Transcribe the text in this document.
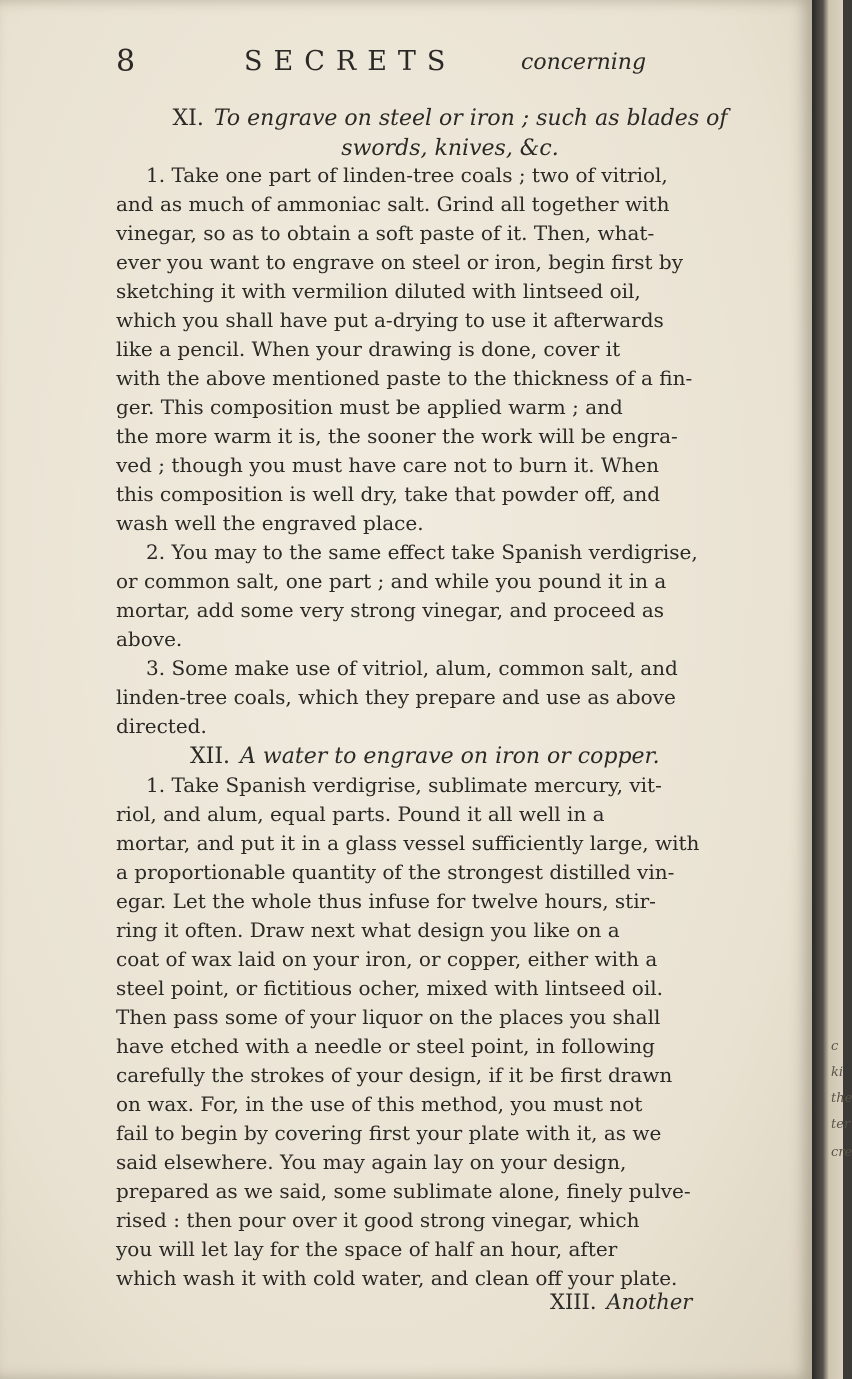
8	SECRETS	concerning
XI. To engrave on steel or iron ; such as blades of
swords, knives, &c.
1. Take one part of linden-tree coals ; two of vitriol,
and as much of ammoniac salt. Grind all together with
vinegar, so as to obtain a soft paste of it. Then, what-
ever you want to engrave on steel or iron, begin first by
sketching it with vermilion diluted with lintseed oil,
which you shall have put a-drying to use it afterwards
like a pencil. When your drawing is done, cover it
with the above mentioned paste to the thickness of a fin-
ger. This composition must be applied warm ; and
the more warm it is, the sooner the work will be engra-
ved ; though you must have care not to burn it. When
this composition is well dry, take that powder off, and
wash well the engraved place.
2. You may to the same effect take Spanish verdigrise,
or common salt, one part ; and while you pound it in a
mortar, add some very strong vinegar, and proceed as
above.
3. Some make use of vitriol, alum, common salt, and
linden-tree coals, which they prepare and use as above
directed.
XII. A water to engrave on iron or copper.
1. Take Spanish verdigrise, sublimate mercury, vit-
riol, and alum, equal parts. Pound it all well in a
mortar, and put it in a glass vessel sufficiently large, with
a proportionable quantity of the strongest distilled vin-
egar. Let the whole thus infuse for twelve hours, stir-
ring it often. Draw next what design you like on a
coat of wax laid on your iron, or copper, either with a
steel point, or fictitious ocher, mixed with lintseed oil.
Then pass some of your liquor on the places you shall
have etched with a needle or steel point, in following
carefully the strokes of your design, if it be first drawn
on wax. For, in the use of this method, you must not
fail to begin by covering first your plate with it, as we
said elsewhere. You may again lay on your design,
prepared as we said, some sublimate alone, finely pulve-
rised : then pour over it good strong vinegar, which
you will let lay for the space of half an hour, after
which wash it with cold water, and clean off your plate.
XIII. Another
c
ki
the
ter
cre
